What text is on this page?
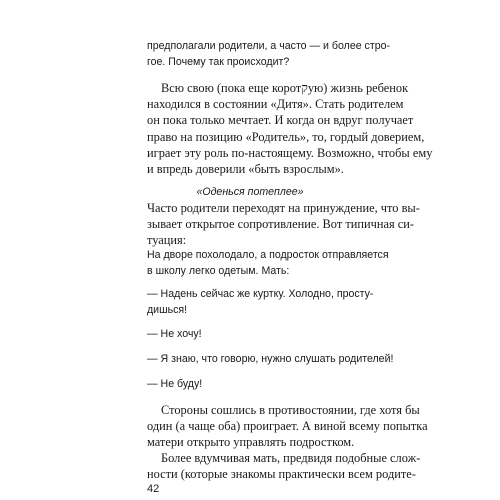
предполагали родители, а часто — и более стро-
гое. Почему так происходит?
Всю свою (пока еще коротקую) жизнь ребенок
находился в состоянии «Дитя». Стать родителем
он пока только мечтает. И когда он вдруг получает
право на позицию «Родитель», то, гордый доверием,
играет эту роль по-настоящему. Возможно, чтобы ему
и впредь доверили «быть взрослым».
«Оденься потеплее»
Часто родители переходят на принуждение, что вы-
зывает открытое сопротивление. Вот типичная си-
туация:
На дворе похолодало, а подросток отправляется
в школу легко одетым. Мать:
— Надень сейчас же куртку. Холодно, просту-
дишься!
— Не хочу!
— Я знаю, что говорю, нужно слушать родителей!
— Не буду!
Стороны сошлись в противостоянии, где хотя бы
один (а чаще оба) проиграет. А виной всему попытка
матери открыто управлять подростком.
Более вдумчивая мать, предвидя подобные слож-
ности (которые знакомы практически всем родите-
42
